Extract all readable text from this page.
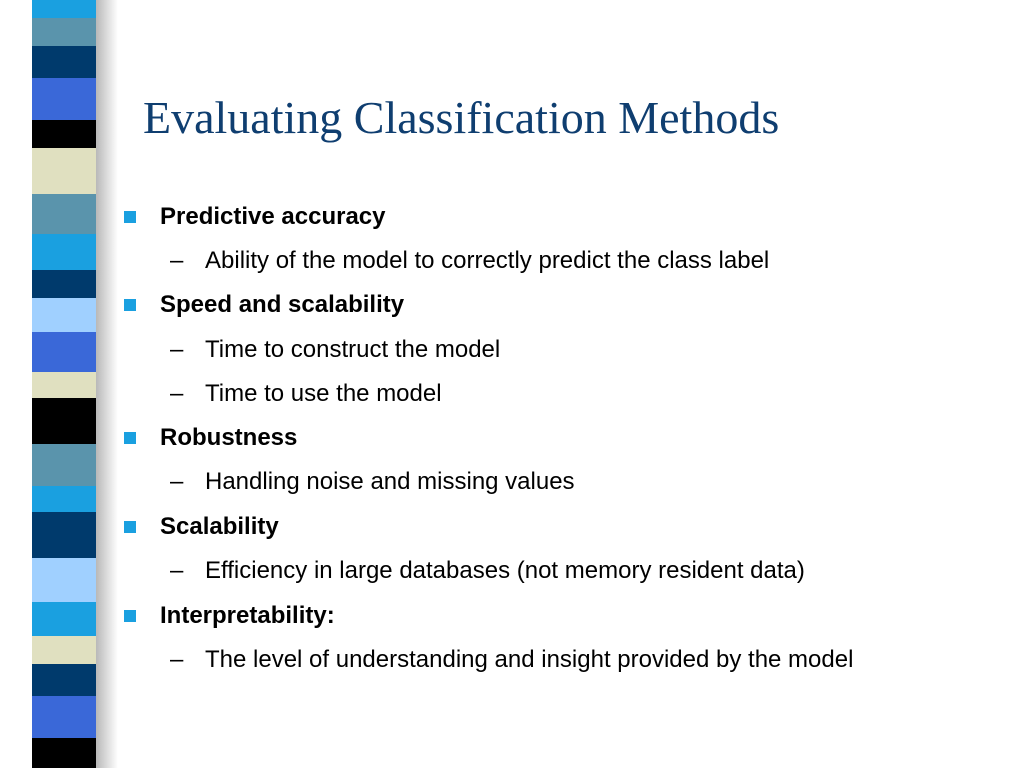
Evaluating Classification Methods
Predictive accuracy
– Ability of the model to correctly predict the class label
Speed and scalability
– Time to construct the model
– Time to use the model
Robustness
– Handling noise and missing values
Scalability
– Efficiency in large databases (not memory resident data)
Interpretability:
– The level of understanding and insight provided by the model
